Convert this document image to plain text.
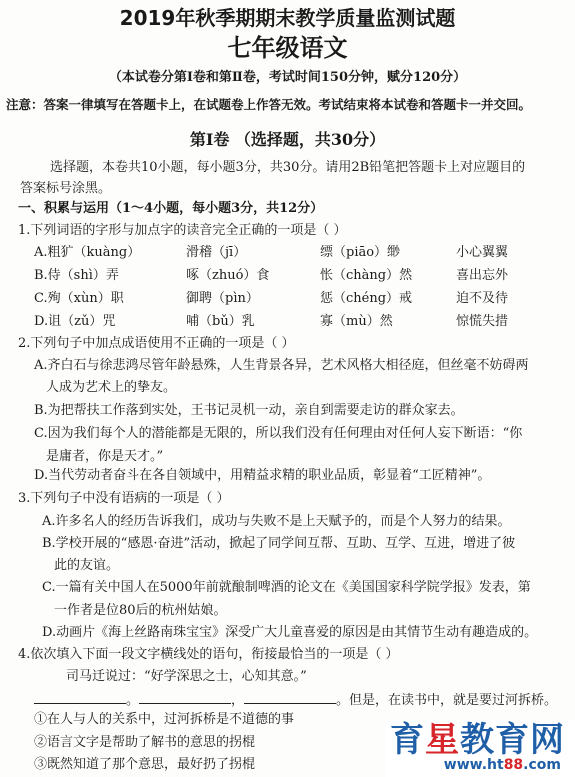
2019年秋季期期末教学质量监测试题
七年级语文
（本试卷分第Ⅰ卷和第Ⅱ卷，考试时间150分钟，赋分120分）
注意：答案一律填写在答题卡上，在试题卷上作答无效。考试结束将本试卷和答题卡一并交回。
第Ⅰ卷 （选择题，共30分）
选择题，本卷共10小题，每小题3分，共30分。请用2B铅笔把答题卡上对应题目的
答案标号涂黑。
一、积累与运用（1～4小题，每小题3分，共12分）
1.下列词语的字形与加点字的读音完全正确的一项是（ ）
A.粗犷（kuàng）	滑稽（jī）	缥（piāo）缈	小心翼翼
B.侍（shì）弄	啄（zhuó）食	怅（chàng）然	喜出忘外
C.殉（xùn）职	御聘（pìn）	惩（chéng）戒	迫不及待
D.诅（zǔ）咒	哺（bǔ）乳	寡（mù）然	惊慌失措
2.下列句子中加点成语使用不正确的一项是（ ）
A.齐白石与徐悲鸿尽管年龄悬殊，人生背景各异，艺术风格大相径庭，但丝毫不妨碍两
人成为艺术上的挚友。
B.为把帮扶工作落到实处，王书记灵机一动，亲自到需要走访的群众家去。
C.因为我们每个人的潜能都是无限的，所以我们没有任何理由对任何人妄下断语：“你
是庸者，你是天才。”
D.当代劳动者奋斗在各自领域中，用精益求精的职业品质，彰显着“工匠精神”。
3.下列句子中没有语病的一项是（ ）
A.许多名人的经历告诉我们，成功与失败不是上天赋予的，而是个人努力的结果。
B.学校开展的“感恩·奋进”活动，掀起了同学间互帮、互助、互学、互进，增进了彼
此的友谊。
C.一篇有关中国人在5000年前就酿制啤酒的论文在《美国国家科学院学报》发表，第
一作者是位80后的杭州姑娘。
D.动画片《海上丝路南珠宝宝》深受广大儿童喜爱的原因是由其情节生动有趣造成的。
4.依次填入下面一段文字横线处的语句，衔接最恰当的一项是（ ）
司马迁说过：“好学深思之士，心知其意。”
。	，	。但是，在读书中，就是要过河拆桥。
①在人与人的关系中，过河拆桥是不道德的事
②语言文字是帮助了解书的意思的拐棍
③既然知道了那个意思，最好扔了拐棍
育星教育网
www.ht88.com
